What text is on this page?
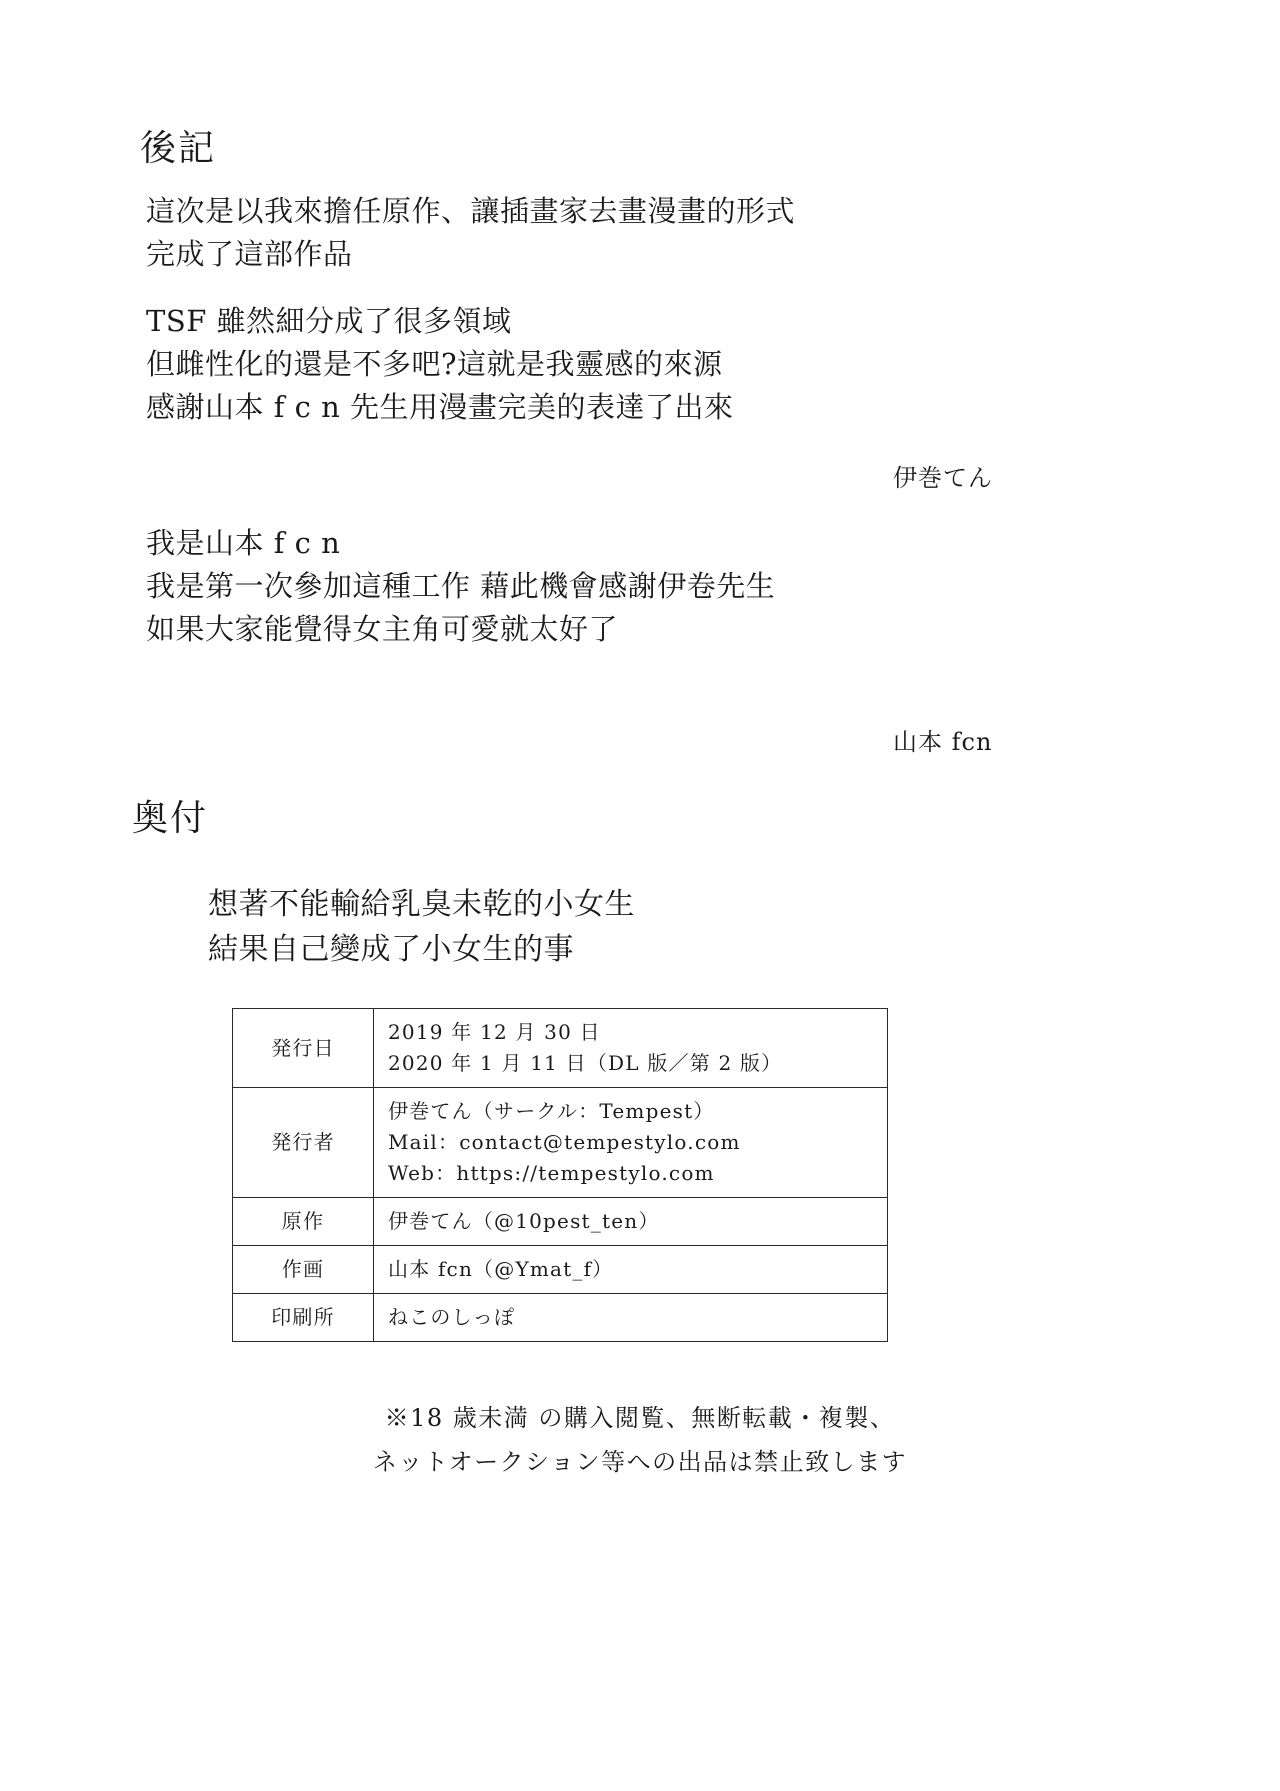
後記
這次是以我來擔任原作、讓插畫家去畫漫畫的形式
完成了這部作品
TSF 雖然細分成了很多領域
但雌性化的還是不多吧?這就是我靈感的來源
感謝山本 f c n 先生用漫畫完美的表達了出來
伊巻てん
我是山本 f c n
我是第一次參加這種工作 藉此機會感謝伊卷先生
如果大家能覺得女主角可愛就太好了
山本 fcn
奥付
想著不能輸給乳臭未乾的小女生
結果自己變成了小女生的事
発行日	2019 年 12 月 30 日
2020 年 1 月 11 日（DL 版／第 2 版）

発行者	伊巻てん（サークル：Tempest）
Mail：contact@tempestylo.com
Web：https://tempestylo.com

原作	伊巻てん（@10pest_ten）

作画	山本 fcn（@Ymat_f）

印刷所	ねこのしっぽ
※18 歳未満 の購入閲覧、無断転載・複製、
ネットオークション等への出品は禁止致します
